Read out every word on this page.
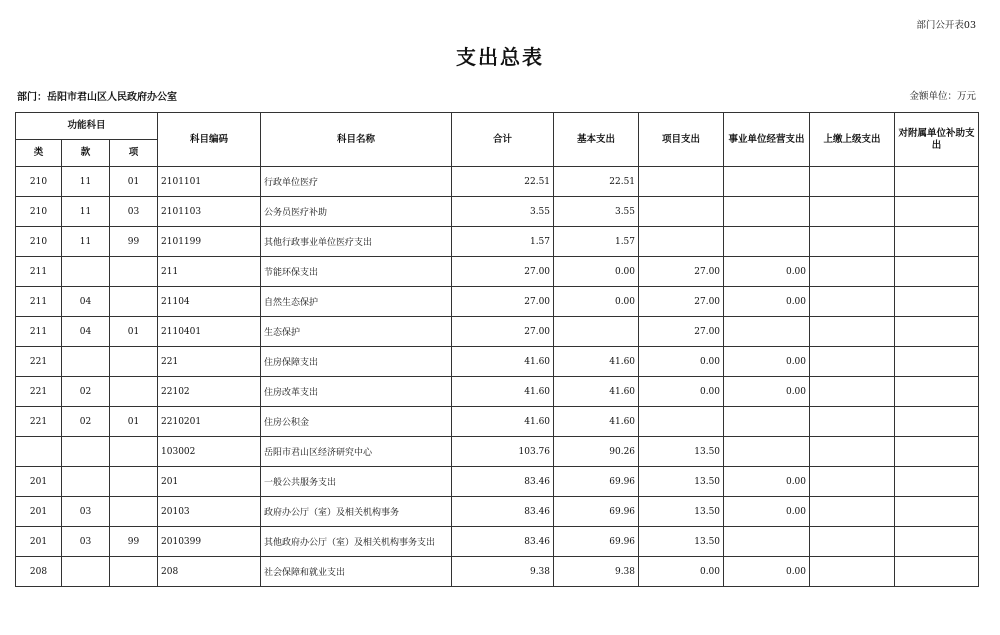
部门公开表03
支出总表
部门：岳阳市君山区人民政府办公室	金额单位：万元
功能科目			科目编码	科目名称	合计	基本支出	项目支出	事业单位经营支出	上缴上级支出	对附属单位补助支出
类	款	项								
210	11	01	2101101	行政单位医疗	22.51	22.51				
210	11	03	2101103	公务员医疗补助	3.55	3.55				
210	11	99	2101199	其他行政事业单位医疗支出	1.57	1.57				
211			211	节能环保支出	27.00	0.00	27.00	0.00		
211	04		21104	自然生态保护	27.00	0.00	27.00	0.00		
211	04	01	2110401	生态保护	27.00		27.00			
221			221	住房保障支出	41.60	41.60	0.00	0.00		
221	02		22102	住房改革支出	41.60	41.60	0.00	0.00		
221	02	01	2210201	住房公积金	41.60	41.60				
			103002	岳阳市君山区经济研究中心	103.76	90.26	13.50			
201			201	一般公共服务支出	83.46	69.96	13.50	0.00		
201	03		20103	政府办公厅（室）及相关机构事务	83.46	69.96	13.50	0.00		
201	03	99	2010399	其他政府办公厅（室）及相关机构事务支出	83.46	69.96	13.50			
208			208	社会保障和就业支出	9.38	9.38	0.00	0.00		
